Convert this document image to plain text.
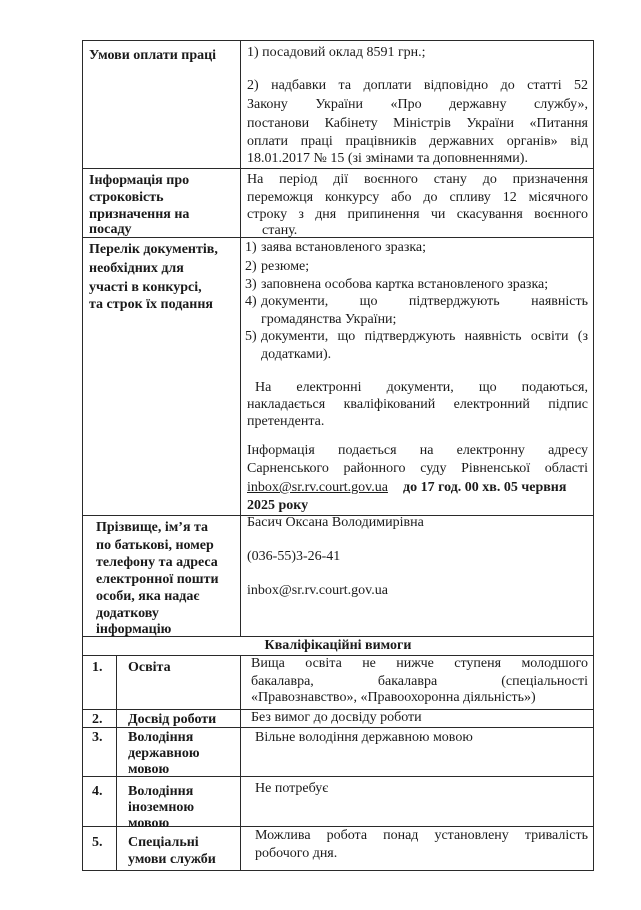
Умови оплати праці 1) посадовий оклад 8591 грн.;
2) надбавки та доплати відповідно до статті 52
Закону України «Про державну службу»,
постанови Кабінету Міністрів України «Питання
оплати праці працівників державних органів» від
18.01.2017 № 15 (зі змінами та доповненнями).
Інформація про
строковість
призначення на
посаду
На період дії воєнного стану до призначення
переможця конкурсу або до спливу 12 місячного
строку з дня припинення чи скасування воєнного
стану.
Перелік документів,
необхідних для
участі в конкурсі,
та строк їх подання
1) заява встановленого зразка;
2) резюме;
3) заповнена особова картка встановленого зразка;
4) документи, що підтверджують наявність
громадянства України;
5) документи, що підтверджують наявність освіти (з
додатками).
На електронні документи, що подаються,
накладається кваліфікований електронний підпис
претендента.
Інформація подається на електронну адресу
Сарненського районного суду Рівненської області
inbox@sr.rv.court.gov.ua до 17 год. 00 хв. 05 червня
2025 року
Прізвище, ім’я та
по батькові, номер
телефону та адреса
електронної пошти
особи, яка надає
додаткову
інформацію
Басич Оксана Володимирівна
(036-55)3-26-41
inbox@sr.rv.court.gov.ua
Кваліфікаційні вимоги
1. Освіта	Вища освіта не нижче ступеня молодшого
бакалавра, бакалавра (спеціальності
«Правознавство», «Правоохоронна діяльність»)
2. Досвід роботи Без вимог до досвіду роботи
3. Володіння
державною
мовою
Вільне володіння державною мовою
4. Володіння
іноземною
мовою
Не потребує
5. Спеціальні
умови служби
Можлива робота понад установлену тривалість
робочого дня.
